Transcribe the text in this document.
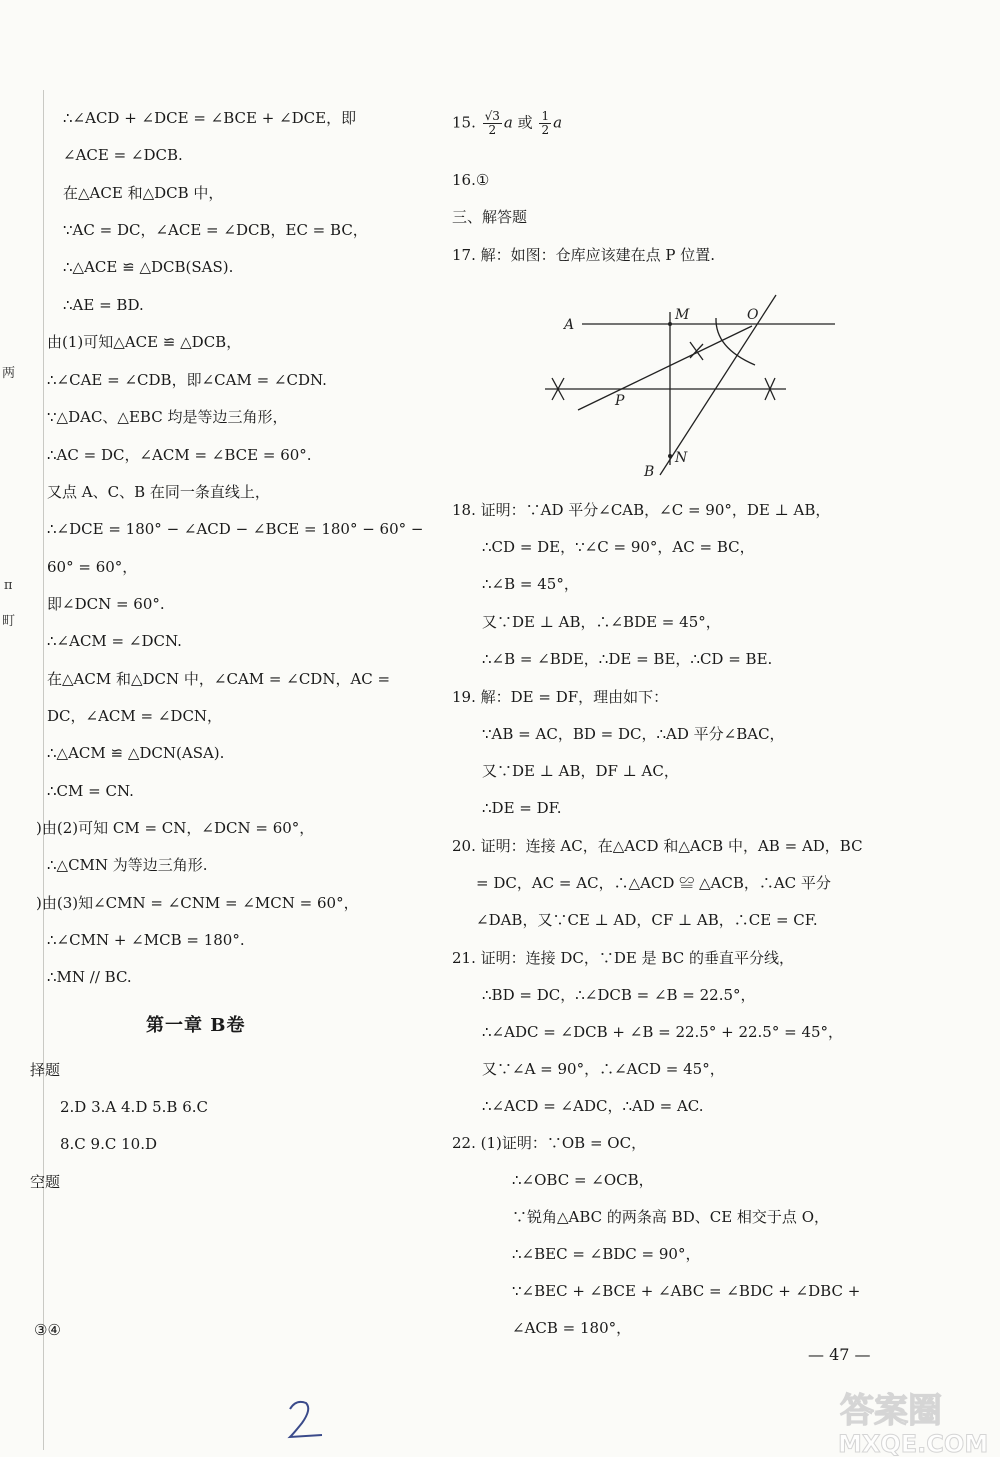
两
п
町
∴∠ACD + ∠DCE = ∠BCE + ∠DCE，即
∠ACE = ∠DCB.
在△ACE 和△DCB 中，
∵AC = DC，∠ACE = ∠DCB，EC = BC，
∴△ACE ≌ △DCB(SAS).
∴AE = BD.
由(1)可知△ACE ≌ △DCB，
∴∠CAE = ∠CDB，即∠CAM = ∠CDN.
∵△DAC、△EBC 均是等边三角形，
∴AC = DC，∠ACM = ∠BCE = 60°.
又点 A、C、B 在同一条直线上，
∴∠DCE = 180° − ∠ACD − ∠BCE = 180° − 60° −
60° = 60°，
即∠DCN = 60°.
∴∠ACM = ∠DCN.
在△ACM 和△DCN 中，∠CAM = ∠CDN，AC =
DC，∠ACM = ∠DCN，
∴△ACM ≌ △DCN(ASA).
∴CM = CN.
)由(2)可知 CM = CN，∠DCN = 60°，
∴△CMN 为等边三角形.
)由(3)知∠CMN = ∠CNM = ∠MCN = 60°，
∴∠CMN + ∠MCB = 180°.
∴MN // BC.
第一章 B卷
择题
2.D 3.A 4.D 5.B 6.C
8.C 9.C 10.D
空题
③④
15. $\frac{√3}{2}$ a 或 $\frac{1}{2}$ a
16.①
三、解答题
17. 解：如图：仓库应该建在点 P 位置.
18. 证明：∵AD 平分∠CAB，∠C = 90°，DE ⊥ AB，
∴CD = DE，∵∠C = 90°，AC = BC，
∴∠B = 45°，
又∵DE ⊥ AB，∴∠BDE = 45°，
∴∠B = ∠BDE，∴DE = BE，∴CD = BE.
19. 解：DE = DF，理由如下：
∵AB = AC，BD = DC，∴AD 平分∠BAC，
又∵DE ⊥ AB，DF ⊥ AC，
∴DE = DF.
20. 证明：连接 AC，在△ACD 和△ACB 中，AB = AD，BC
= DC，AC = AC，∴△ACD ≌ △ACB，∴AC 平分
∠DAB，又∵CE ⊥ AD，CF ⊥ AB，∴CE = CF.
21. 证明：连接 DC，∵DE 是 BC 的垂直平分线，
∴BD = DC，∴∠DCB = ∠B = 22.5°，
∴∠ADC = ∠DCB + ∠B = 22.5° + 22.5° = 45°，
又∵∠A = 90°，∴∠ACD = 45°，
∴∠ACD = ∠ADC，∴AD = AC.
22. (1)证明：∵OB = OC，
∴∠OBC = ∠OCB，
∵锐角△ABC 的两条高 BD、CE 相交于点 O，
∴∠BEC = ∠BDC = 90°，
∵∠BEC + ∠BCE + ∠ABC = ∠BDC + ∠DBC +
∠ACB = 180°，
A
M	O
P
B
N
— 47 —
答案圈
MXQE.COM
